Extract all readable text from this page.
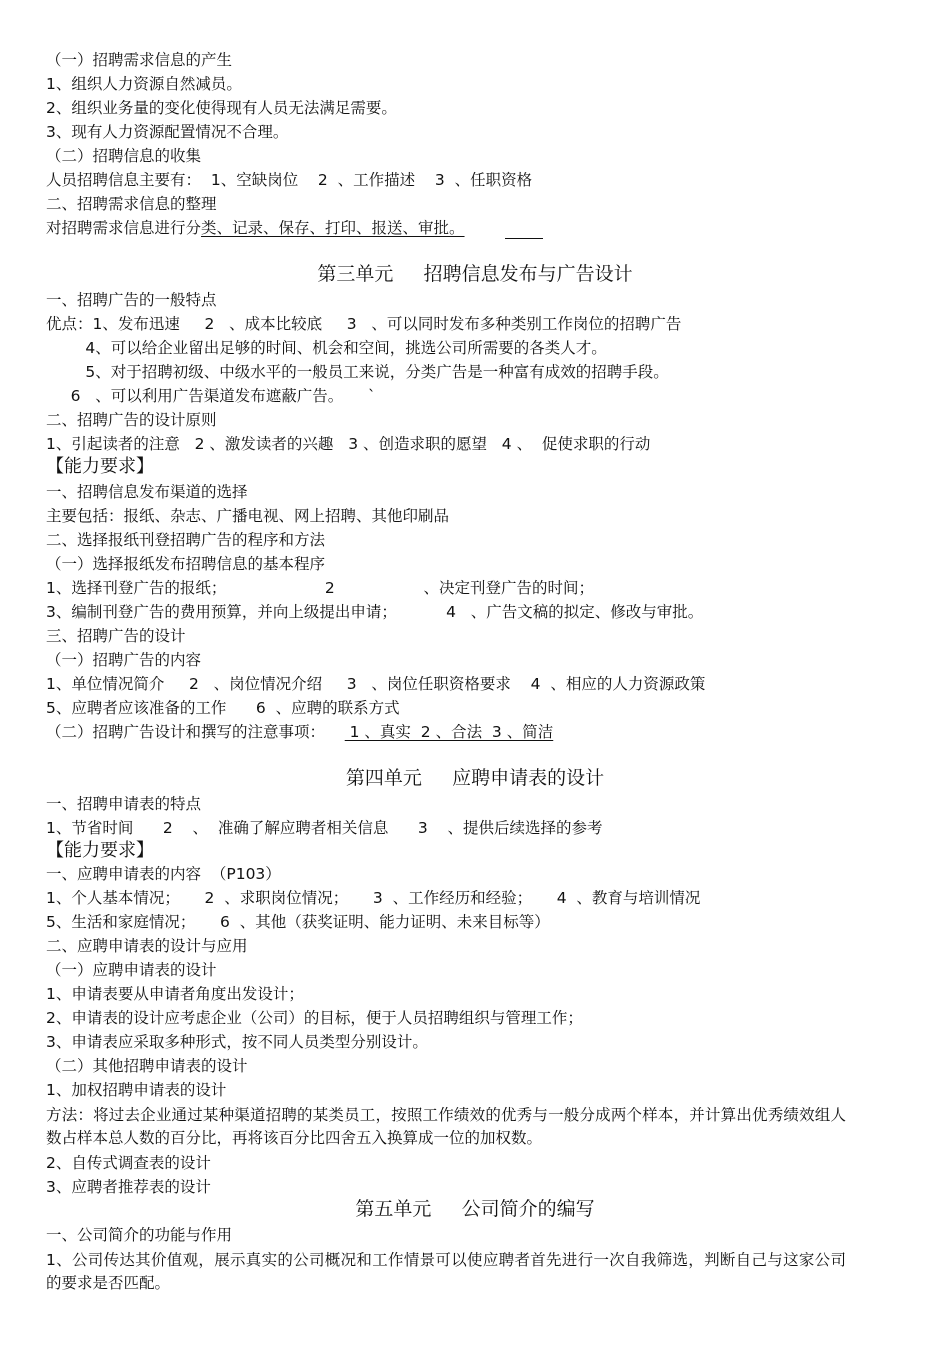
（一）招聘需求信息的产生
1、组织人力资源自然减员。
2、组织业务量的变化使得现有人员无法满足需要。
3、现有人力资源配置情况不合理。
（二）招聘信息的收集
人员招聘信息主要有：  1、空缺岗位    2  、工作描述    3  、任职资格
二、招聘需求信息的整理
对招聘需求信息进行分类、记录、保存、打印、报送、审批。
第三单元     招聘信息发布与广告设计
一、招聘广告的一般特点
优点：1、发布迅速     2   、成本比较底     3   、可以同时发布多种类别工作岗位的招聘广告
4、可以给企业留出足够的时间、机会和空间，挑选公司所需要的各类人才。
5、对于招聘初级、中级水平的一般员工来说，分类广告是一种富有成效的招聘手段。
6   、可以利用广告渠道发布遮蔽广告。     `
二、招聘广告的设计原则
1、引起读者的注意   2 、激发读者的兴趣   3 、创造求职的愿望   4 、  促使求职的行动
【能力要求】
一、招聘信息发布渠道的选择
主要包括：报纸、杂志、广播电视、网上招聘、其他印刷品
二、选择报纸刊登招聘广告的程序和方法
（一）选择报纸发布招聘信息的基本程序
1、选择刊登广告的报纸；                    2                  、决定刊登广告的时间；
3、编制刊登广告的费用预算，并向上级提出申请；          4   、广告文稿的拟定、修改与审批。
三、招聘广告的设计
（一）招聘广告的内容
1、单位情况简介     2   、岗位情况介绍     3   、岗位任职资格要求    4  、相应的人力资源政策
5、应聘者应该准备的工作      6  、应聘的联系方式
（二）招聘广告设计和撰写的注意事项：     1 、真实  2 、合法  3 、简洁
第四单元     应聘申请表的设计
一、招聘申请表的特点
1、节省时间      2    、  准确了解应聘者相关信息      3    、提供后续选择的参考
【能力要求】
一、应聘申请表的内容  （P103）
1、个人基本情况；     2  、求职岗位情况；     3  、工作经历和经验；     4  、教育与培训情况
5、生活和家庭情况；     6  、其他（获奖证明、能力证明、未来目标等）
二、应聘申请表的设计与应用
（一）应聘申请表的设计
1、申请表要从申请者角度出发设计；
2、申请表的设计应考虑企业（公司）的目标，便于人员招聘组织与管理工作；
3、申请表应采取多种形式，按不同人员类型分别设计。
（二）其他招聘申请表的设计
1、加权招聘申请表的设计
方法：将过去企业通过某种渠道招聘的某类员工，按照工作绩效的优秀与一般分成两个样本，并计算出优秀绩效组人数占样本总人数的百分比，再将该百分比四舍五入换算成一位的加权数。
2、自传式调查表的设计
3、应聘者推荐表的设计
第五单元     公司简介的编写
一、公司简介的功能与作用
1、公司传达其价值观，展示真实的公司概况和工作情景可以使应聘者首先进行一次自我筛选，判断自己与这家公司的要求是否匹配。
